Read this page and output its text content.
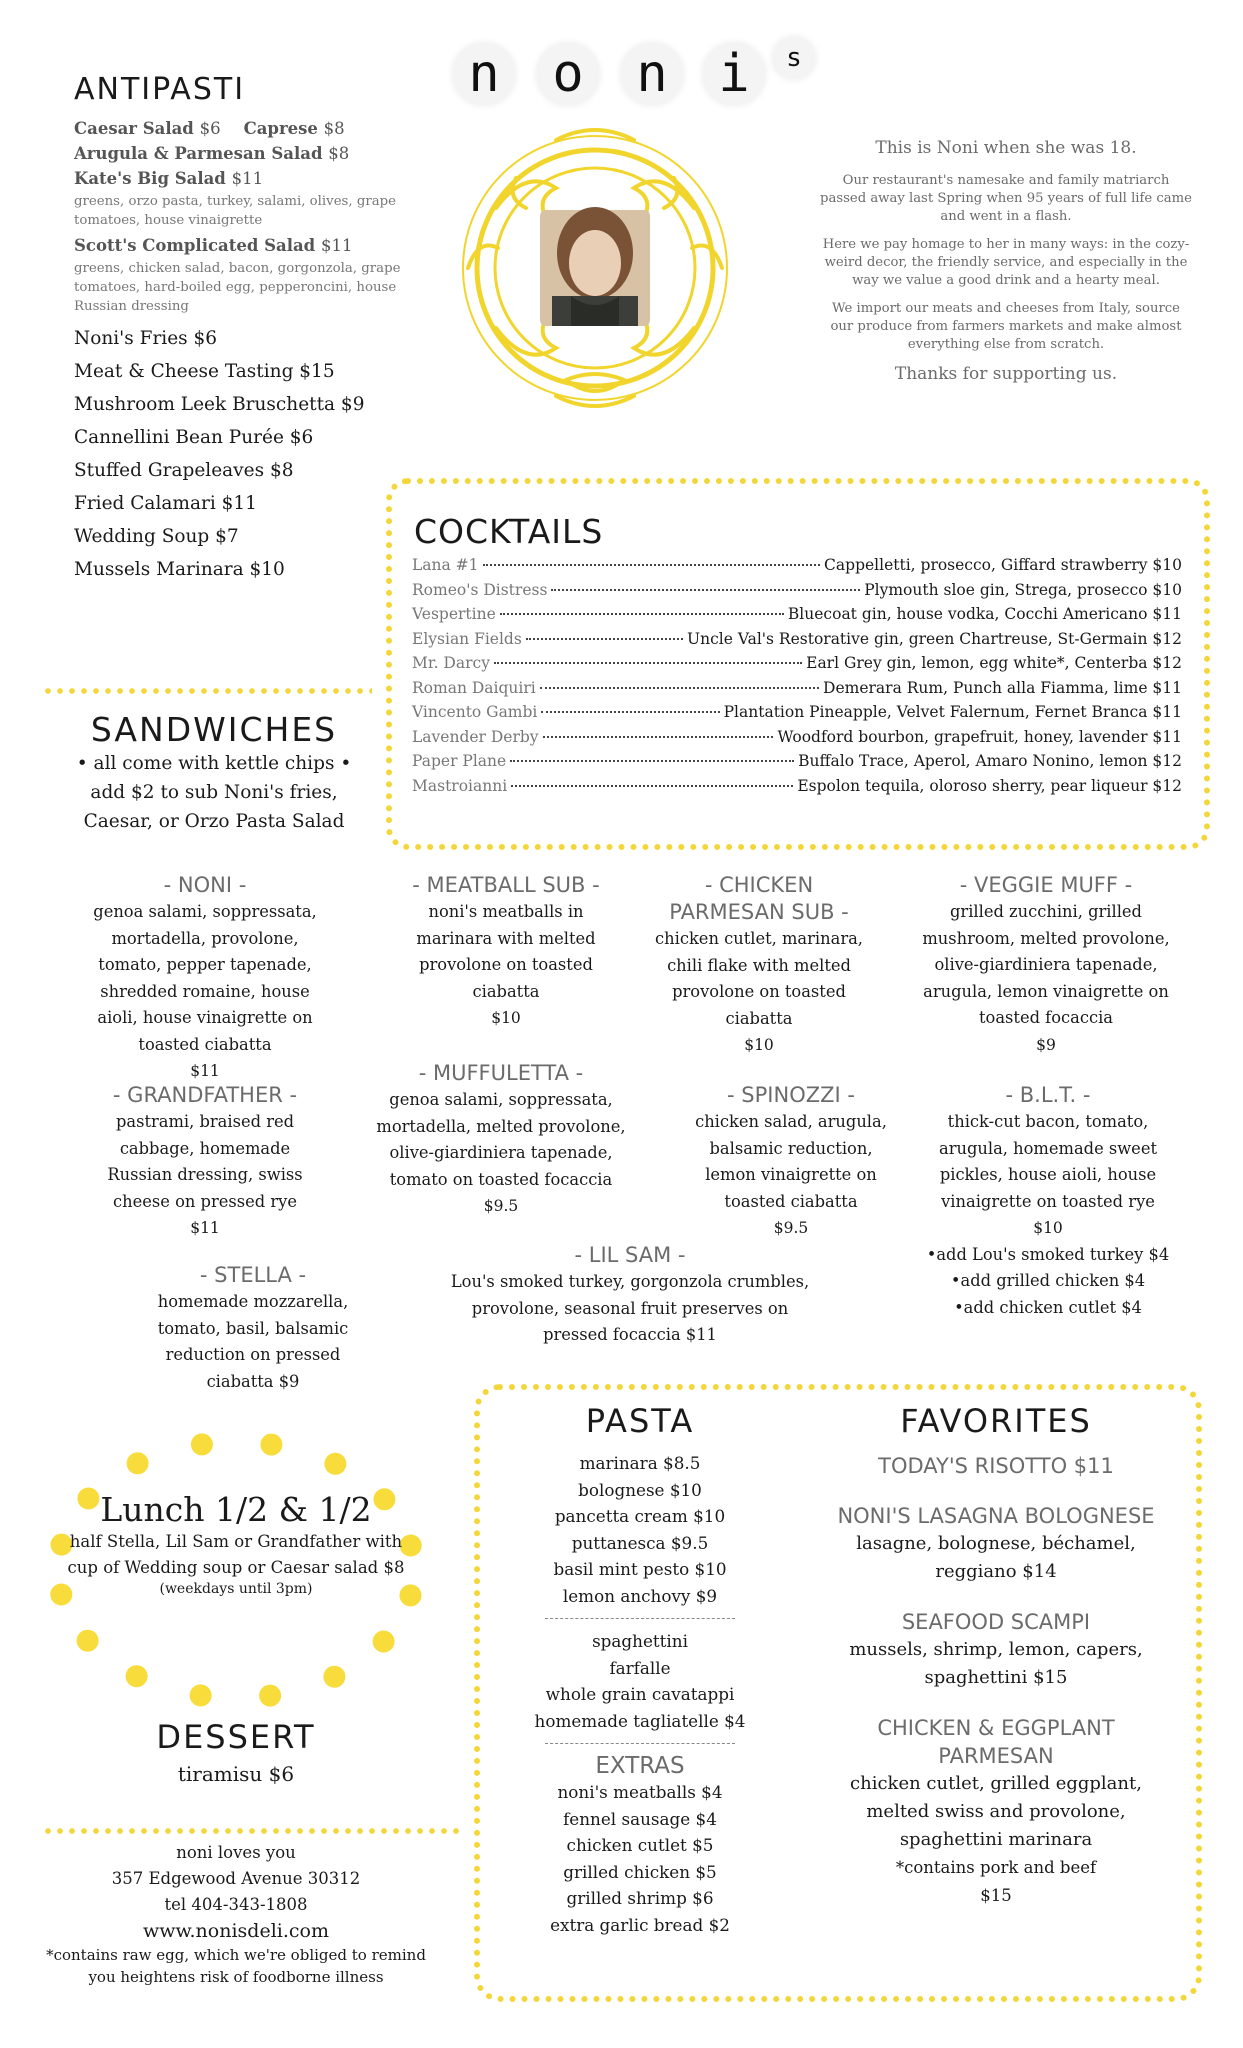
n o n i	s
This is Noni when she was 18.

Our restaurant's namesake and family matriarch passed away last Spring when 95 years of full life came and went in a flash.

Here we pay homage to her in many ways: in the cozy-weird decor, the friendly service, and especially in the way we value a good drink and a hearty meal.

We import our meats and cheeses from Italy, source our produce from farmers markets and make almost everything else from scratch.

Thanks for supporting us.
ANTIPASTI
Caesar Salad $6 Caprese $8
Arugula & Parmesan Salad $8
Kate's Big Salad $11
greens, orzo pasta, turkey, salami, olives, grape tomatoes, house vinaigrette
Scott's Complicated Salad $11
greens, chicken salad, bacon, gorgonzola, grape tomatoes, hard-boiled egg, pepperoncini, house Russian dressing
Noni's Fries $6
Meat & Cheese Tasting $15
Mushroom Leek Bruschetta $9
Cannellini Bean Purée $6
Stuffed Grapeleaves $8
Fried Calamari $11
Wedding Soup $7
Mussels Marinara $10
COCKTAILS
Lana #1	Cappelletti, prosecco, Giffard strawberry $10
Romeo's Distress	Plymouth sloe gin, Strega, prosecco $10
Vespertine	Bluecoat gin, house vodka, Cocchi Americano $11
Elysian Fields	Uncle Val's Restorative gin, green Chartreuse, St-Germain $12
Mr. Darcy	Earl Grey gin, lemon, egg white*, Centerba $12
Roman Daiquiri	Demerara Rum, Punch alla Fiamma, lime $11
Vincento Gambi	Plantation Pineapple, Velvet Falernum, Fernet Branca $11
Lavender Derby	Woodford bourbon, grapefruit, honey, lavender $11
Paper Plane	Buffalo Trace, Aperol, Amaro Nonino, lemon $12
Mastroianni	Espolon tequila, oloroso sherry, pear liqueur $12
SANDWICHES
• all come with kettle chips •
add $2 to sub Noni's fries,
Caesar, or Orzo Pasta Salad
- NONI -
genoa salami, soppressata, mortadella, provolone, tomato, pepper tapenade, shredded romaine, house aioli, house vinaigrette on toasted ciabatta
$11
- MEATBALL SUB -
noni's meatballs in marinara with melted provolone on toasted ciabatta
$10
- CHICKEN PARMESAN SUB -
chicken cutlet, marinara, chili flake with melted provolone on toasted ciabatta
$10
- VEGGIE MUFF -
grilled zucchini, grilled mushroom, melted provolone, olive-giardiniera tapenade, arugula, lemon vinaigrette on toasted focaccia
$9
- GRANDFATHER -
pastrami, braised red cabbage, homemade Russian dressing, swiss cheese on pressed rye
$11
- MUFFULETTA -
genoa salami, soppressata, mortadella, melted provolone, olive-giardiniera tapenade, tomato on toasted focaccia
$9.5
- SPINOZZI -
chicken salad, arugula, balsamic reduction, lemon vinaigrette on toasted ciabatta
$9.5
- B.L.T. -
thick-cut bacon, tomato, arugula, homemade sweet pickles, house aioli, house vinaigrette on toasted rye
$10
•add Lou's smoked turkey $4
•add grilled chicken $4
•add chicken cutlet $4
- STELLA -
homemade mozzarella, tomato, basil, balsamic reduction on pressed ciabatta $9
- LIL SAM -
Lou's smoked turkey, gorgonzola crumbles, provolone, seasonal fruit preserves on pressed focaccia $11
Lunch 1/2 & 1/2
half Stella, Lil Sam or Grandfather with cup of Wedding soup or Caesar salad $8
(weekdays until 3pm)
DESSERT
tiramisu $6
noni loves you
357 Edgewood Avenue 30312
tel 404-343-1808
www.nonisdeli.com
*contains raw egg, which we're obliged to remind you heightens risk of foodborne illness
PASTA
marinara $8.5
bolognese $10
pancetta cream $10
puttanesca $9.5
basil mint pesto $10
lemon anchovy $9
spaghettini
farfalle
whole grain cavatappi
homemade tagliatelle $4
EXTRAS
noni's meatballs $4
fennel sausage $4
chicken cutlet $5
grilled chicken $5
grilled shrimp $6
extra garlic bread $2
FAVORITES
TODAY'S RISOTTO $11
NONI'S LASAGNA BOLOGNESE
lasagne, bolognese, béchamel, reggiano $14
SEAFOOD SCAMPI
mussels, shrimp, lemon, capers, spaghettini $15
CHICKEN & EGGPLANT PARMESAN
chicken cutlet, grilled eggplant, melted swiss and provolone, spaghettini marinara
*contains pork and beef
$15
